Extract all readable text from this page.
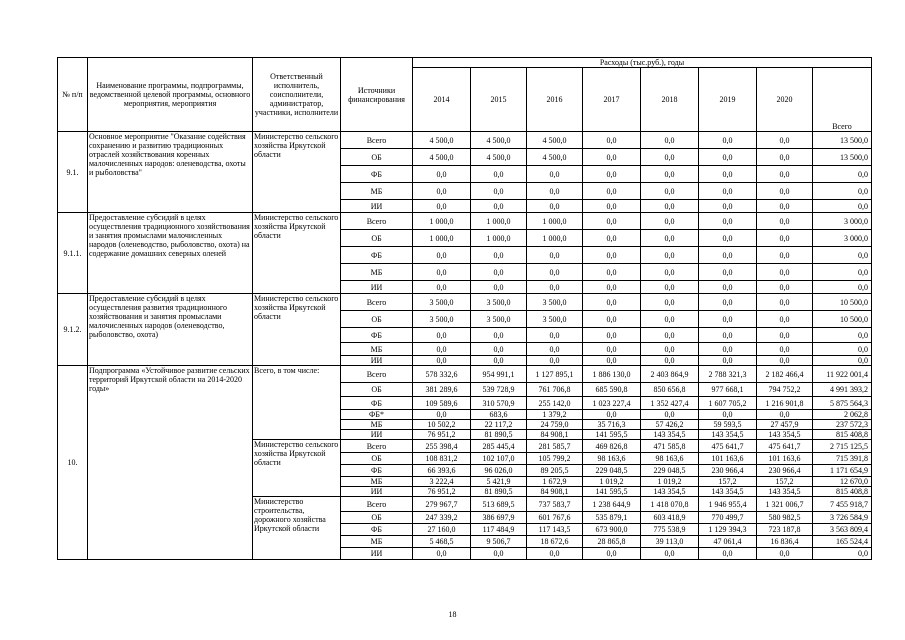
№ п/п	Наименование программы, подпрограммы, ведомственной целевой программы, основного мероприятия, мероприятия	Ответственный исполнитель, соисполнители, администратор, участники, исполнители	Источники финансирования	Расходы (тыс.руб.), годы							
				2014	2015	2016	2017	2018	2019	2020	Всего
9.1.	Основное мероприятие "Оказание содействия сохранению и развитию традиционных отраслей хозяйствования коренных малочисленных народов: оленеводства, охоты и рыболовства"	Министерство сельского хозяйства Иркутской области	Всего	4 500,0	4 500,0	4 500,0	0,0	0,0	0,0	0,0	13 500,0
			ОБ	4 500,0	4 500,0	4 500,0	0,0	0,0	0,0	0,0	13 500,0
			ФБ	0,0	0,0	0,0	0,0	0,0	0,0	0,0	0,0
			МБ	0,0	0,0	0,0	0,0	0,0	0,0	0,0	0,0
			ИИ	0,0	0,0	0,0	0,0	0,0	0,0	0,0	0,0
9.1.1.	Предоставление субсидий в целях осуществления традиционного хозяйствования и занятия промыслами малочисленных народов (оленеводство, рыболовство, охота) на содержание домашних северных оленей	Министерство сельского хозяйства Иркутской области	Всего	1 000,0	1 000,0	1 000,0	0,0	0,0	0,0	0,0	3 000,0
			ОБ	1 000,0	1 000,0	1 000,0	0,0	0,0	0,0	0,0	3 000,0
			ФБ	0,0	0,0	0,0	0,0	0,0	0,0	0,0	0,0
			МБ	0,0	0,0	0,0	0,0	0,0	0,0	0,0	0,0
			ИИ	0,0	0,0	0,0	0,0	0,0	0,0	0,0	0,0
9.1.2.	Предоставление субсидий в целях осуществления развития традиционного хозяйствования и занятия промыслами малочисленных народов (оленеводство, рыболовство, охота)	Министерство сельского хозяйства Иркутской области	Всего	3 500,0	3 500,0	3 500,0	0,0	0,0	0,0	0,0	10 500,0
			ОБ	3 500,0	3 500,0	3 500,0	0,0	0,0	0,0	0,0	10 500,0
			ФБ	0,0	0,0	0,0	0,0	0,0	0,0	0,0	0,0
			МБ	0,0	0,0	0,0	0,0	0,0	0,0	0,0	0,0
			ИИ	0,0	0,0	0,0	0,0	0,0	0,0	0,0	0,0
10.	Подпрограмма «Устойчивое развитие сельских территорий Иркутской области на 2014-2020 годы»	Всего, в том числе:	Всего	578 332,6	954 991,1	1 127 895,1	1 886 130,0	2 403 864,9	2 788 321,3	2 182 466,4	11 922 001,4
			ОБ	381 289,6	539 728,9	761 706,8	685 590,8	850 656,8	977 668,1	794 752,2	4 991 393,2
			ФБ	109 589,6	310 570,9	255 142,0	1 023 227,4	1 352 427,4	1 607 705,2	1 216 901,8	5 875 564,3
			ФБ*	0,0	683,6	1 379,2	0,0	0,0	0,0	0,0	2 062,8
			МБ	10 502,2	22 117,2	24 759,0	35 716,3	57 426,2	59 593,5	27 457,9	237 572,3
			ИИ	76 951,2	81 890,5	84 908,1	141 595,5	143 354,5	143 354,5	143 354,5	815 408,8
		Министерство сельского хозяйства Иркутской области	Всего	255 398,4	285 445,4	281 585,7	469 826,8	471 585,8	475 641,7	475 641,7	2 715 125,5
			ОБ	108 831,2	102 107,0	105 799,2	98 163,6	98 163,6	101 163,6	101 163,6	715 391,8
			ФБ	66 393,6	96 026,0	89 205,5	229 048,5	229 048,5	230 966,4	230 966,4	1 171 654,9
			МБ	3 222,4	5 421,9	1 672,9	1 019,2	1 019,2	157,2	157,2	12 670,0
			ИИ	76 951,2	81 890,5	84 908,1	141 595,5	143 354,5	143 354,5	143 354,5	815 408,8
		Министерство строительства, дорожного хозяйства Иркутской области	Всего	279 967,7	513 689,5	737 583,7	1 238 644,9	1 418 070,8	1 946 955,4	1 321 006,7	7 455 918,7
			ОБ	247 339,2	386 697,9	601 767,6	535 879,1	603 418,9	770 499,7	580 982,5	3 726 584,9
			ФБ	27 160,0	117 484,9	117 143,5	673 900,0	775 538,9	1 129 394,3	723 187,8	3 563 809,4
			МБ	5 468,5	9 506,7	18 672,6	28 865,8	39 113,0	47 061,4	16 836,4	165 524,4
			ИИ	0,0	0,0	0,0	0,0	0,0	0,0	0,0	0,0
18
